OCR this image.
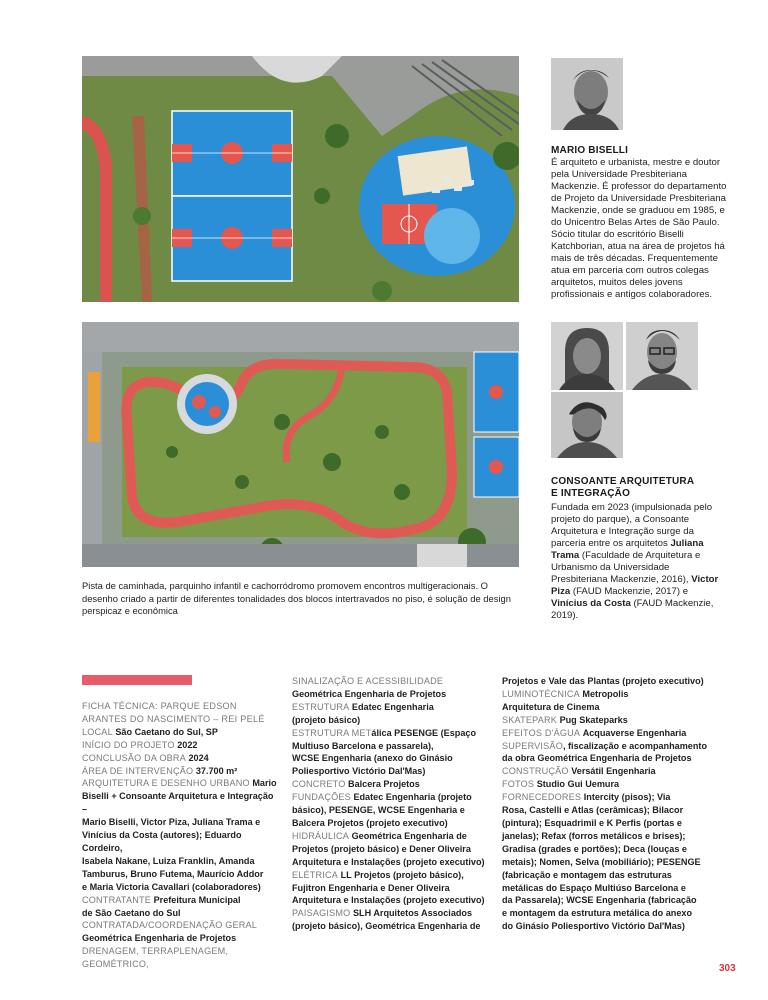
MARIO BISELLI
É arquiteto e urbanista, mestre e doutor pela Universidade Presbiteriana Mackenzie. É professor do departamento de Projeto da Universidade Presbiteriana Mackenzie, onde se graduou em 1985, e do Unicentro Belas Artes de São Paulo. Sócio titular do escritório Biselli Katchborian, atua na área de projetos há mais de três décadas. Frequentemente atua em parceria com outros colegas arquitetos, muitos deles jovens profissionais e antigos colaboradores.
CONSOANTE ARQUITETURA
E INTEGRAÇÃO
Fundada em 2023 (impulsionada pelo projeto do parque), a Consoante Arquitetura e Integração surge da parceria entre os arquitetos Juliana Trama (Faculdade de Arquitetura e Urbanismo da Universidade Presbiteriana Mackenzie, 2016), Victor Piza (FAUD Mackenzie, 2017) e Vinícius da Costa (FAUD Mackenzie, 2019).
Pista de caminhada, parquinho infantil e cachorródromo promovem encontros multigeracionais. O desenho criado a partir de diferentes tonalidades dos blocos intertravados no piso, é solução de design perspicaz e econômica
FICHA TÉCNICA: PARQUE EDSON
ARANTES DO NASCIMENTO – REI PELÉ
LOCAL São Caetano do Sul, SP
INÍCIO DO PROJETO 2022
CONCLUSÃO DA OBRA 2024
ÁREA DE INTERVENÇÃO 37.700 m²
ARQUITETURA E DESENHO URBANO Mario
Biselli + Consoante Arquitetura e Integração –
Mario Biselli, Victor Piza, Juliana Trama e
Vinícius da Costa (autores); Eduardo Cordeiro,
Isabela Nakane, Luiza Franklin, Amanda
Tamburus, Bruno Futema, Maurício Addor
e Maria Victoria Cavallari (colaboradores)
CONTRATANTE Prefeitura Municipal
de São Caetano do Sul
CONTRATADA/COORDENAÇÃO GERAL
Geométrica Engenharia de Projetos
DRENAGEM, TERRAPLENAGEM, GEOMÉTRICO,
SINALIZAÇÃO E ACESSIBILIDADE
Geométrica Engenharia de Projetos
ESTRUTURA Edatec Engenharia
(projeto básico)
ESTRUTURA METálica PESENGE (Espaço
Multiuso Barcelona e passarela),
WCSE Engenharia (anexo do Ginásio
Poliesportivo Victório Dal'Mas)
CONCRETO Balcera Projetos
FUNDAÇÕES Edatec Engenharia (projeto
básico), PESENGE, WCSE Engenharia e
Balcera Projetos (projeto executivo)
HIDRÁULICA Geométrica Engenharia de
Projetos (projeto básico) e Dener Oliveira
Arquitetura e Instalações (projeto executivo)
ELÉTRICA LL Projetos (projeto básico),
Fujitron Engenharia e Dener Oliveira
Arquitetura e Instalações (projeto executivo)
PAISAGISMO SLH Arquitetos Associados
(projeto básico), Geométrica Engenharia de
Projetos e Vale das Plantas (projeto executivo)
LUMINOTÉCNICA Metropolis
Arquitetura de Cinema
SKATEPARK Pug Skateparks
EFEITOS D'ÁGUA Acquaverse Engenharia
SUPERVISÃO, fiscalização e acompanhamento
da obra Geométrica Engenharia de Projetos
CONSTRUÇÃO Versátil Engenharia
FOTOS Studio Gui Uemura
FORNECEDORES Intercity (pisos); Via
Rosa, Castelli e Atlas (cerâmicas); Bilacor
(pintura); Esquadrimil e K Perfis (portas e
janelas); Refax (forros metálicos e brises);
Gradisa (grades e portões); Deca (louças e
metais); Nomen, Selva (mobiliário); PESENGE
(fabricação e montagem das estruturas
metálicas do Espaço Multiúso Barcelona e
da Passarela); WCSE Engenharia (fabricação
e montagem da estrutura metálica do anexo
do Ginásio Poliesportivo Victório Dal'Mas)
303
